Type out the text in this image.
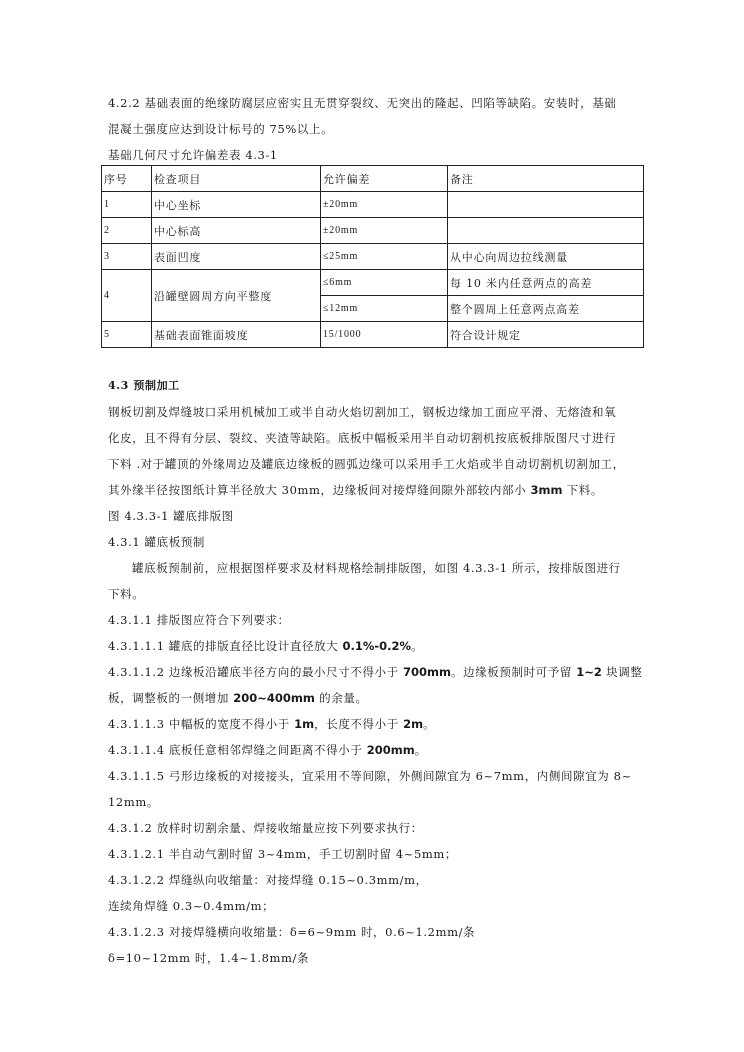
4.2.2 基础表面的绝缘防腐层应密实且无贯穿裂纹、无突出的隆起、凹陷等缺陷。安装时，基础
混凝土强度应达到设计标号的 75%以上。
基础几何尺寸允许偏差表 4.3-1
序号	检查项目	允许偏差	备注
1	中心坐标	±20mm	
2	中心标高	±20mm	
3	表面凹度	≤25mm	从中心向周边拉线测量
4	沿罐壁圆周方向平整度	≤6mm	每 10 米内任意两点的高差
		≤12mm	整个圆周上任意两点高差
5	基础表面锥面坡度	15/1000	符合设计规定
4.3 预制加工
钢板切割及焊缝坡口采用机械加工或半自动火焰切割加工，钢板边缘加工面应平滑、无熔渣和氧
化皮，且不得有分层、裂纹、夹渣等缺陷。底板中幅板采用半自动切割机按底板排版图尺寸进行
下料 .对于罐顶的外缘周边及罐底边缘板的圆弧边缘可以采用手工火焰或半自动切割机切割加工，
其外缘半径按图纸计算半径放大 30mm，边缘板间对接焊缝间隙外部较内部小 3mm 下料。
图 4.3.3-1 罐底排版图
4.3.1 罐底板预制
罐底板预制前，应根据图样要求及材料规格绘制排版图，如图 4.3.3-1 所示，按排版图进行
下料。
4.3.1.1 排版图应符合下列要求：
4.3.1.1.1 罐底的排版直径比设计直径放大 0.1%-0.2%。
4.3.1.1.2 边缘板沿罐底半径方向的最小尺寸不得小于 700mm。边缘板预制时可予留 1~2 块调整
板，调整板的一侧增加 200~400mm 的余量。
4.3.1.1.3 中幅板的宽度不得小于 1m，长度不得小于 2m。
4.3.1.1.4 底板任意相邻焊缝之间距离不得小于 200mm。
4.3.1.1.5 弓形边缘板的对接接头，宜采用不等间隙，外侧间隙宜为 6~7mm，内侧间隙宜为 8~
12mm。
4.3.1.2 放样时切割余量、焊接收缩量应按下列要求执行：
4.3.1.2.1 半自动气割时留 3~4mm，手工切割时留 4~5mm；
4.3.1.2.2 焊缝纵向收缩量：对接焊缝 0.15~0.3mm/m，
连续角焊缝 0.3~0.4mm/m；
4.3.1.2.3 对接焊缝横向收缩量：δ=6~9mm 时，0.6~1.2mm/条
δ=10~12mm 时，1.4~1.8mm/条
